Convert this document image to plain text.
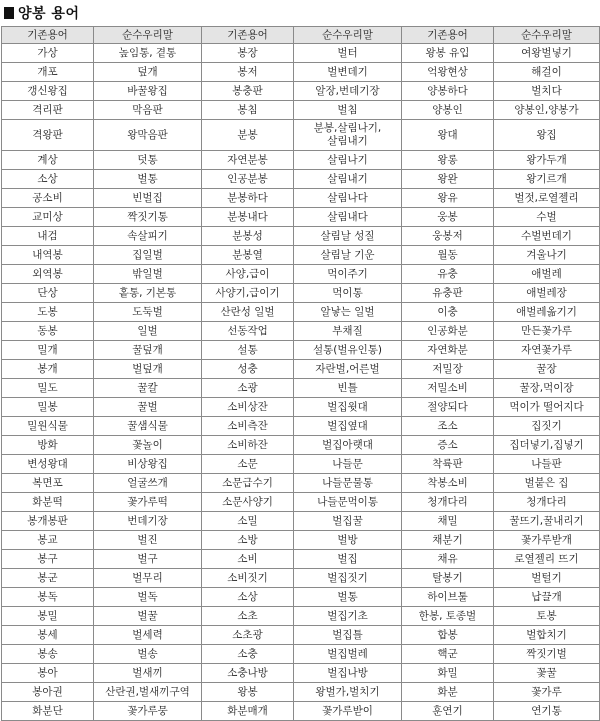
양봉 용어
기존용어	순수우리말	기존용어	순수우리말	기존용어	순수우리말
가상	높임통, 곁통	봉장	벌터	왕봉 유입	여왕벌넣기
개포	덮개	봉저	벌변데기	억왕현상	해걸이
갱신왕집	바꿀왕집	봉충판	알장,번데기장	양봉하다	벌치다
격리판	막음판	봉침	벌침	양봉인	양봉인,양봉가
격왕판	왕막음판	분봉	분봉,살림나기,
살림내기	왕대	왕집
계상	덧통	자연분봉	살림나기	왕롱	왕가두개
소상	벌통	인공분봉	살림내기	왕완	왕기르개
공소비	빈벌집	분봉하다	살림나다	왕유	벌젓,로열젤리
교미상	짝짓기통	분봉내다	살림내다	웅봉	수벌
내검	속살피기	분봉성	살림날 성질	웅봉저	수벌번데기
내역봉	집일벌	분봉열	살림날 기운	월동	겨울나기
외역봉	밖일벌	사양,급이	먹이주기	유충	애벌레
단상	홑통, 기본통	사양기,급이기	먹이통	유충판	애벌레장
도봉	도둑벌	산란성 일벌	알낳는 일벌	이충	애벌레옮기기
동봉	일벌	선동작업	부채질	인공화분	만든꽃가루
밀개	꿀덮개	설통	설통(벌유인통)	자연화분	자연꽃가루
봉개	벌덮개	성충	자란벌,어른벌	저밀장	꿀장
밀도	꿀칼	소광	빈틀	저밀소비	꿀장,먹이장
밀봉	꿀벌	소비상잔	벌집윗대	절양되다	먹이가 떨어지다
밀원식물	꿀샘식물	소비측잔	벌집옆대	조소	집짓기
방화	꽃놀이	소비하잔	벌집아랫대	증소	집더넣기,집넣기
변성왕대	비상왕집	소문	나들문	착륙판	나들판
복면포	얼굴쓰개	소문급수기	나들문물통	착봉소비	벌붙은 집
화분떡	꽃가루떡	소문사양기	나들문먹이통	청개다리	청개다리
봉개봉판	번데기장	소밀	벌집꿀	채밀	꿀뜨기,꿀내리기
봉교	벌진	소방	벌방	채분기	꽃가루받개
봉구	벌구	소비	벌집	채유	로열젤리 뜨기
봉군	벌무리	소비짓기	벌집짓기	탈봉기	벌털기
봉독	벌독	소상	벌통	하이브툴	납끌개
봉밀	벌꿀	소초	벌집기초	한봉, 토종벌	토봉
봉세	벌세력	소초광	벌집틀	합봉	벌합치기
봉송	벌송	소충	벌집벌레	핵군	짝짓기벌
봉아	벌새끼	소충나방	벌집나방	화밀	꽃꿀
봉아권	산란권,벌새끼구역	왕봉	왕벌가,벌치기	화분	꽃가루
화분단	꽃가루뭉	화분매개	꽃가루받이	훈연기	연기통
